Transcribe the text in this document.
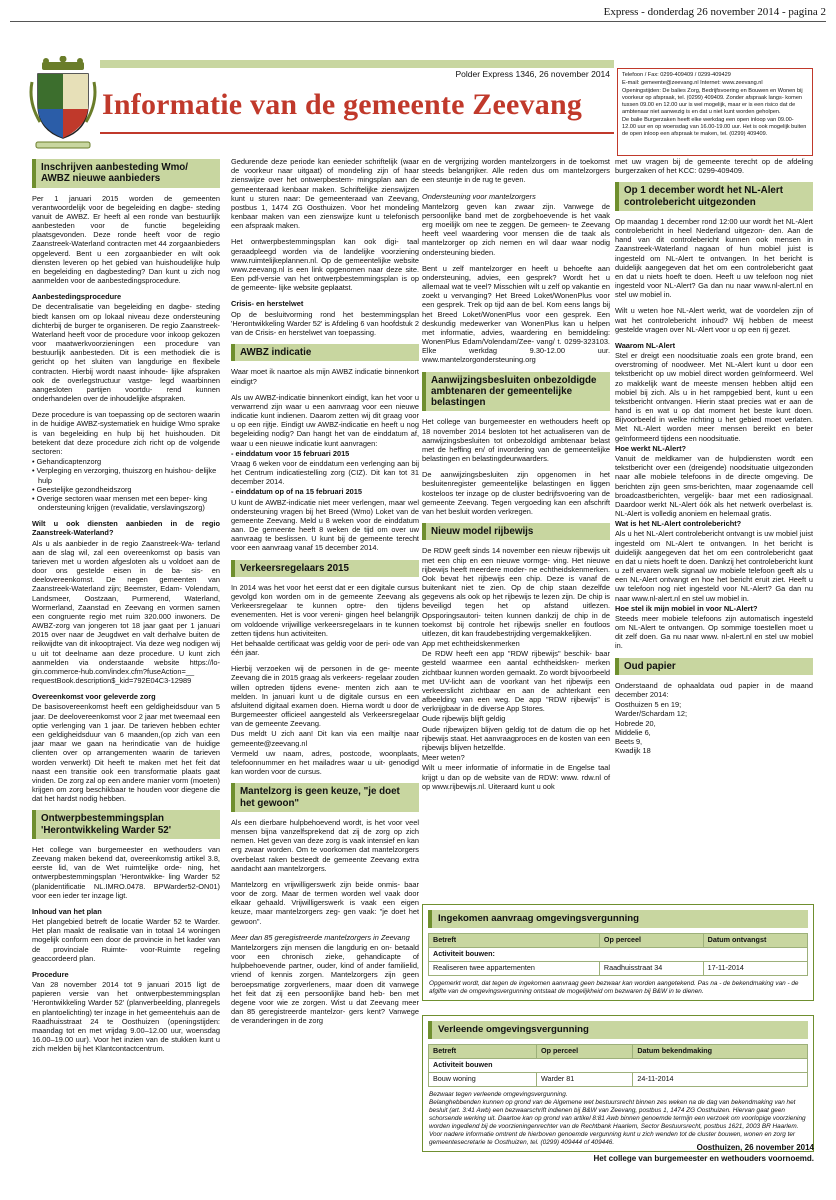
Express - donderdag 26 november 2014 - pagina 2
Polder Express 1346, 26 november 2014
Informatie van de gemeente Zeevang

Telefoon / Fax: 0299-409409 / 0299-409429

E-mail: gemeente@zeevang.nl Internet: www.zeevang.nl

Openingstijden: De balies Zorg, Bedrijfsvoering en Bouwen en Wonen bij voorkeur op afspraak, tel. (0299) 409409. Zonder afspraak langs- komen tussen 09.00 en 12.00 uur is wel mogelijk, maar er is een risico dat de ambtenaar niet aanwezig is en dat u niet kunt worden geholpen.

De balie Burgerzaken heeft elke werkdag een open inloop van 09.00- 12.00 uur en op woensdag van 16.00-19.00 uur. Het is ook mogelijk buiten de open inloop een afspraak te maken, tel. (0299) 409409.

Inschrijven aanbesteding Wmo/ AWBZ nieuwe aanbieders

Per 1 januari 2015 worden de gemeenten verantwoordelijk voor de begeleiding en dagbe- steding vanuit de AWBZ. Er heeft al een ronde van bestuurlijk aanbesteden voor de functie begeleiding plaatsgevonden. Deze ronde heeft voor de regio Zaanstreek-Waterland contracten met 44 zorgaanbieders opgeleverd. Bent u een zorgaanbieder en wilt ook diensten leveren op het gebied van huishoudelijke hulp en begeleiding en dagbesteding? Dan kunt u zich nog aanmelden voor de aanbestedingsprocedure.

Aanbestedingsprocedure

De decentralisatie van begeleiding en dagbe- steding biedt kansen om op lokaal niveau deze ondersteuning dichterbij de burger te organiseren. De regio Zaanstreek-Waterland heeft voor de procedure voor inkoop gekozen voor maatwerkvoorzieningen een procedure van bestuurlijk aanbesteden. Dit is een methodiek die is gericht op het sluiten van langdurige en flexibele contracten. Hierbij wordt naast inhoude- lijke afspraken ook de overlegstructuur vastge- legd waarbinnen aangesloten partijen voortdu- rend kunnen onderhandelen over de inhoudelijke afspraken.

Deze procedure is van toepassing op de sectoren waarin in de huidige AWBZ-systematiek en huidige Wmo sprake is van begeleiding en hulp bij het huishouden. Dit betekent dat deze procedure zich richt op de volgende sectoren:

• Gehandicaptenzorg
• Verpleging en verzorging, thuiszorg en huishou- delijke hulp
• Geestelijke gezondheidszorg
• Overige sectoren waar mensen met een beper- king ondersteuning krijgen (revalidatie, verslavingszorg)

Wilt u ook diensten aanbieden in de regio Zaanstreek-Waterland?

Als u als aanbieder in de regio Zaanstreek-Wa- terland aan de slag wil, zal een overeenkomst op basis van tarieven met u worden afgesloten als u voldoet aan de door ons gestelde eisen in de ba- sis- en deelovereenkomst. De negen gemeenten van Zaanstreek-Waterland zijn; Beemster, Edam- Volendam, Landsmeer, Oostzaan, Purmerend, Waterland, Wormerland, Zaanstad en Zeevang en vormen samen een congruente regio met ruim 320.000 inwoners. De AWBZ-zorg van jongeren tot 18 jaar gaat per 1 januari 2015 over naar de Jeugdwet en valt derhalve buiten de reikwijdte van dit inkooptraject. Via deze weg nodigen wij u uit tot deelname aan deze procedure. U kunt zich aanmelden via onderstaande website https://lo- gin.commerce-hub.com/index.cfm?fuseAction=__ requestBook.description$_kid=792E04C3-12989

Overeenkomst voor geleverde zorg

De basisovereenkomst heeft een geldigheidsduur van 5 jaar. De deelovereenkomst voor 2 jaar met tweemaal een optie verlenging van 1 jaar. De tarieven hebben echter een geldigheidsduur van 6 maanden,(op zich van een jaar maar we gaan na herindicatie van de huidige clienten over op arrangementen waarin de tarieven worden verwerkt) Dit heeft te maken met het feit dat naast een transitie ook een transformatie plaats gaat vinden. De zorg zal op een andere manier vorm (moeten) krijgen om zorg beschikbaar te houden voor diegene die dat het hardst nodig hebben.

Ontwerpbestemmingsplan 'Herontwikkeling Warder 52'

Het college van burgemeester en wethouders van Zeevang maken bekend dat, overeenkomstig artikel 3.8, eerste lid, van de Wet ruimtelijke orde- ning, het ontwerpbestemmingsplan 'Herontwikke- ling Warder 52 (planidentificatie NL.IMRO.0478. BPWarder52-ON01) voor een ieder ter inzage ligt.

Inhoud van het plan

Het plangebied betreft de locatie Warder 52 te Warder. Het plan maakt de realisatie van in totaal 14 woningen mogelijk conform een door de provincie in het kader van de provinciale Ruimte- voor-Ruimte regeling geaccordeerd plan.

Procedure

Van 28 november 2014 tot 9 januari 2015 ligt de papieren versie van het ontwerpbestemmingsplan 'Herontwikkeling Warder 52' (planverbeelding, planregels en plantoelichting) ter inzage in het gemeentehuis aan de Raadhuisstraat 24 te Oosthuizen (openingstijden: maandag tot en met vrijdag 9.00–12.00 uur, woensdag 16.00–19.00 uur). Voor het inzien van de stukken kunt u zich melden bij het Klantcontactcentrum.

Gedurende deze periode kan eenieder schriftelijk (waar de voorkeur naar uitgaat) of mondeling zijn of haar zienswijze over het ontwerpbestem- mingsplan aan de gemeenteraad kenbaar maken. Schriftelijke zienswijzen kunt u sturen naar: De gemeenteraad van Zeevang, postbus 1, 1474 ZG Oosthuizen. Voor het mondeling kenbaar maken van een zienswijze kunt u telefonisch een afspraak maken.

Het ontwerpbestemmingsplan kan ook digi- taal geraadpleegd worden via de landelijke voorziening www.ruimtelijkeplannen.nl. Op de gemeentelijke website www.zeevang.nl is een link opgenomen naar deze site. Een pdf-versie van het ontwerpbestemmingsplan is op de gemeente- lijke website geplaatst.

Crisis- en herstelwet

Op de besluitvorming rond het bestemmingsplan 'Herontwikkeling Warder 52' is Afdeling 6 van hoofdstuk 2 van de Crisis- en herstelwet van toepassing.

AWBZ indicatie

Waar moet ik naartoe als mijn AWBZ indicatie binnenkort eindigt?

Als uw AWBZ-indicatie binnenkort eindigt, kan het voor u verwarrend zijn waar u een aanvraag voor een nieuwe indicatie kunt indienen. Daarom zetten wij dit graag voor u op een rijtje. Eindigt uw AWBZ-indicatie en heeft u nog begeleiding nodig? Dan hangt het van de einddatum af, waar u een nieuwe indicatie kunt aanvragen:

- einddatum voor 15 februari 2015

Vraag 6 weken voor de einddatum een verlenging aan bij het Centrum indicatiestelling zorg (CIZ). Dit kan tot 31 december 2014.

- einddatum op of na 15 februari 2015

U kunt de AWBZ-indicatie niet meer verlengen, maar wel ondersteuning vragen bij het Breed (Wmo) Loket van de gemeente Zeevang. Meld u 8 weken voor de einddatum aan. De gemeente heeft 8 weken de tijd om over uw aanvraag te beslissen. U kunt bij de gemeente terecht voor een aanvraag vanaf 15 december 2014.

Verkeersregelaars 2015

In 2014 was het voor het eerst dat er een digitale cursus gevolgd kon worden om in de gemeente Zeevang als Verkeersregelaar te kunnen optre- den tijdens evenementen. Het is voor vereni- gingen heel belangrijk om voldoende vrijwillige verkeersregelaars in te kunnen zetten tijdens hun activiteiten.

Het behaalde certificaat was geldig voor de peri- ode van één jaar.

Hierbij verzoeken wij de personen in de ge- meente Zeevang die in 2015 graag als verkeers- regelaar zouden willen optreden tijdens evene- menten zich aan te melden. In januari kunt u de digitale cursus en een afsluitend digitaal examen doen. Hierna wordt u door de Burgemeester officieel aangesteld als Verkeersregelaar van de gemeente Zeevang.

Dus meldt U zich aan! Dit kan via een mailtje naar gemeente@zeevang.nl

Vermeld uw naam, adres, postcode, woonplaats, telefoonnummer en het mailadres waar u uit- genodigd kan worden voor de cursus.

Mantelzorg is geen keuze, "je doet het gewoon"

Als een dierbare hulpbehoevend wordt, is het voor veel mensen bijna vanzelfsprekend dat zij de zorg op zich nemen. Het geven van deze zorg is vaak intensief en kan erg zwaar worden. Om te voorkomen dat mantelzorgers overbelast raken besteedt de gemeente Zeevang extra aandacht aan mantelzorgers.

Mantelzorg en vrijwilligerswerk zijn beide onmis- baar voor de zorg. Maar de termen worden wel vaak door elkaar gehaald. Vrijwilligerswerk is vaak een eigen keuze, maar mantelzorgers zeg- gen vaak: "je doet het gewoon".

Meer dan 85 geregistreerde mantelzorgers in Zeevang

Mantelzorgers zijn mensen die langdurig en on- betaald voor een chronisch zieke, gehandicapte of hulpbehoevende partner, ouder, kind of ander familielid, vriend of kennis zorgen. Mantelzorgers zijn geen beroepsmatige zorgverleners, maar doen dit vanwege het feit dat zij een persoonlijke band heb- ben met degene voor wie ze zorgen. Wist u dat Zeevang meer dan 85 geregistreerde mantelzor- gers kent? Vanwege de veranderingen in de zorg

en de vergrijzing worden mantelzorgers in de toekomst steeds belangrijker. Alle reden dus om mantelzorgers een steuntje in de rug te geven.

Ondersteuning voor mantelzorgers

Mantelzorg geven kan zwaar zijn. Vanwege de persoonlijke band met de zorgbehoevende is het vaak erg moeilijk om nee te zeggen. De gemeen- te Zeevang heeft veel waardering voor mensen die de taak als mantelzorger op zich nemen en wil daar waar nodig ondersteuning bieden.

Bent u zelf mantelzorger en heeft u behoefte aan ondersteuning, advies, een gesprek? Wordt het u allemaal wat te veel? Misschien wilt u zelf op vakantie en zoekt u vervanging? Het Breed Loket/WonenPlus voor een gesprek. Trek op tijd aan de bel. Kom eens langs bij het Breed Loket/WonenPlus voor een gesprek. Een deskundig medewerker van WonenPlus kan u helpen met informatie, advies, waardering en bemiddeling: WonenPlus Edam/Volendam/Zee- vang/ t. 0299-323103. Elke werkdag 9.30-12.00 uur. www.mantelzorgondersteuning.org

Aanwijzingsbesluiten onbezoldigde ambtenaren der gemeentelijke belastingen

Het college van burgemeester en wethouders heeft op 18 november 2014 besloten tot het actualiseren van de aanwijzingsbesluiten tot onbezoldigd ambtenaar belast met de heffing en/ of invordering van de gemeentelijke belastingen en belastingdeurwaarders.

De aanwijzingsbesluiten zijn opgenomen in het besluitenregister gemeentelijke belastingen en liggen kosteloos ter inzage op de cluster bedrijfsvoering van de gemeente Zeevang. Tegen vergoeding kan een afschrift van het besluit worden verkregen.

Nieuw model rijbewijs

De RDW geeft sinds 14 november een nieuw rijbewijs uit met een chip en een nieuwe vormge- ving. Het nieuwe rijbewijs heeft meerdere moder- ne echtheidskenmerken. Ook bevat het rijbewijs een chip. Deze is vanaf de buitenkant niet te zien. Op de chip staan dezelfde gegevens als ook op het rijbewijs te lezen zijn. De chip is beveiligd tegen het op afstand uitlezen. Opsporingsautori- teiten kunnen dankzij de chip in de toekomst bij controle het rijbewijs sneller en foutloos uitlezen, dit kan fraudebestrijding vergemakkelijken.

App met echtheidskenmerken

De RDW heeft een app "RDW rijbewijs" beschik- baar gesteld waarmee een aantal echtheidsken- merken zichtbaar kunnen worden gemaakt. Zo wordt bijvoorbeeld met UV-licht aan de voorkant van het rijbewijs een verkeerslicht zichtbaar en aan de achterkant een afbeelding van een weg. De app "RDW rijbewijs" is verkrijgbaar in de diverse App Stores.

Oude rijbewijs blijft geldig

Oude rijbewijzen blijven geldig tot de datum die op het rijbewijs staat. Het aanvraagproces en de kosten van een rijbewijs blijven hetzelfde.

Meer weten?

Wilt u meer informatie of informatie in de Engelse taal krijgt u dan op de website van de RDW: www. rdw.nl of op www.rijbewijs.nl. Uiteraard kunt u ook

met uw vragen bij de gemeente terecht op de afdeling burgerzaken of het KCC: 0299-409409.

Op 1 december wordt het NL-Alert controlebericht uitgezonden

Op maandag 1 december rond 12:00 uur wordt het NL-Alert controlebericht in heel Nederland uitgezon- den. Aan de hand van dit controlebericht kunnen ook mensen in Zaanstreek-Waterland nagaan of hun mobiel juist is ingesteld om NL-Alert te ontvangen. In het bericht is duidelijk aangegeven dat het om een controlebericht gaat en dat u niets hoeft te doen. Heeft u uw telefoon nog niet ingesteld voor NL-Alert? Ga dan nu naar www.nl-alert.nl en stel uw mobiel in.

Wilt u weten hoe NL-Alert werkt, wat de voordelen zijn of wat het controlebericht inhoud? Wij hebben de meest gestelde vragen over NL-Alert voor u op een rij gezet.

Waarom NL-Alert

Stel er dreigt een noodsituatie zoals een grote brand, een overstroming of noodweer. Met NL-Alert kunt u door een tekstbericht op uw mobiel direct worden geïnformeerd. Wel zo makkelijk want de meeste mensen hebben altijd een mobiel bij zich. Als u in het rampgebied bent, kunt u een tekstbericht ontvangen. Hierin staat precies wat er aan de hand is en wat u op dat moment het beste kunt doen. Bijvoorbeeld in welke richting u het gebied moet verlaten. Met NL-Alert worden meer mensen bereikt en beter geïnformeerd tijdens een noodsituatie.

Hoe werkt NL-Alert?

Vanuit de meldkamer van de hulpdiensten wordt een tekstbericht over een (dreigende) noodsituatie uitgezonden naar alle mobiele telefoons in de directe omgeving. De berichten zijn geen sms-berichten, maar zogenaamde cell broadcastberichten, vergelijk- baar met een radiosignaal. Daardoor werkt NL-Alert óók als het netwerk overbelast is. NL-Alert is volledig anoniem en helemaal gratis.

Wat is het NL-Alert controlebericht?

Als u het NL-Alert controlebericht ontvangt is uw mobiel juist ingesteld om NL-Alert te ontvangen. In het bericht is duidelijk aangegeven dat het om een controlebericht gaat en dat u niets hoeft te doen. Dankzij het controlebericht kunt u zelf ervaren welk signaal uw mobiele telefoon geeft als u een NL-Alert ontvangt en hoe het bericht eruit ziet. Heeft u uw telefoon nog niet ingesteld voor NL-Alert? Ga dan nu naar www.nl-alert.nl en stel uw mobiel in.

Hoe stel ik mijn mobiel in voor NL-Alert?

Steeds meer mobiele telefoons zijn automatisch ingesteld om NL-Alert te ontvangen. Op sommige toestellen moet u dit zelf doen. Ga nu naar www. nl-alert.nl en stel uw mobiel in.

Oud papier

Onderstaand de ophaaldata oud papier in de maand december 2014:

Oosthuizen 5 en 19;
Warder/Schardam 12;
Hobrede 20,
Middelie 6,
Beets 9,
Kwadijk 18
Ingekomen aanvraag omgevingsvergunning
Betreft	Op perceel	Datum ontvangst
Activiteit bouwen:		
Realiseren twee appartementen	Raadhuisstraat 34	17-11-2014
Opgemerkt wordt, dat tegen de ingekomen aanvraag geen bezwaar kan worden aangetekend. Pas na - de bekendmaking van - de afgifte van de omgevingsvergunning ontstaat de mogelijkheid om bezwaren bij B&W in te dienen.
Verleende omgevingsvergunning
Betreft	Op perceel	Datum bekendmaking
Activiteit bouwen		
Bouw woning	Warder 81	24-11-2014
Bezwaar tegen verleende omgevingsvergunning.
Belanghebbenden kunnen op grond van de Algemene wet bestuursrecht binnen zes weken na de dag van bekendmaking van het besluit (art. 3:41 Awb) een bezwaarschrift indienen bij B&W van Zeevang, postbus 1, 1474 ZG Oosthuizen. Hiervan gaat geen schorsende werking uit. Daartoe kan op grond van artikel 8:81 Awb binnen genoemde termijn een verzoek om voorlopige voorziening worden ingediend bij de voorzieningenrechter van de Rechtbank Haarlem, Sector Bestuursrecht, postbus 1621, 2003 BR Haarlem. Voor nadere informatie omtrent de hierboven genoemde vergunning kunt u zich wenden tot de cluster bouwen, wonen en zorg ter gemeentesecretarie te Oosthuizen, tel. (0299) 409444 of 409446.
Oosthuizen, 26 november 2014
Het college van burgemeester en wethouders voornoemd.
